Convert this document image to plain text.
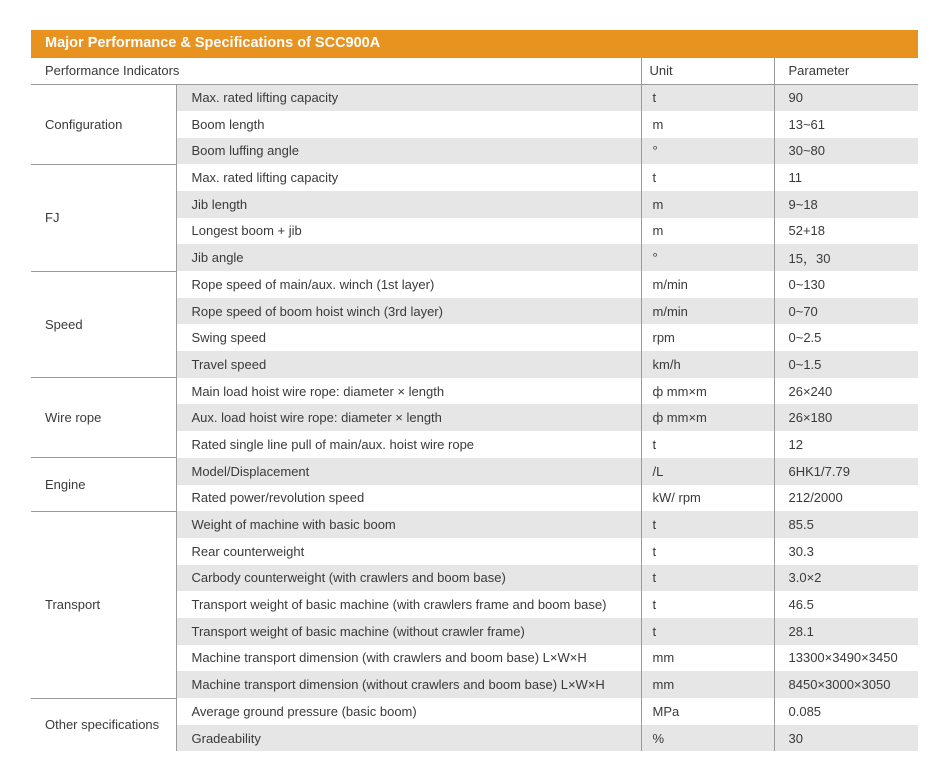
Major Performance & Specifications of SCC900A
Performance Indicators		Unit	Parameter
Configuration	Max. rated lifting capacity	t	90
	Boom length	m	13~61
	Boom luffing angle	°	30~80
FJ	Max. rated lifting capacity	t	11
	Jib length	m	9~18
	Longest boom + jib	m	52+18
	Jib angle	°	15，30
Speed	Rope speed of main/aux. winch (1st layer)	m/min	0~130
	Rope speed of boom hoist winch (3rd layer)	m/min	0~70
	Swing speed	rpm	0~2.5
	Travel speed	km/h	0~1.5
Wire rope	Main load hoist wire rope: diameter × length	ф mm×m	26×240
	Aux. load hoist wire rope: diameter × length	ф mm×m	26×180
	Rated single line pull of main/aux. hoist wire rope	t	12
Engine	Model/Displacement	/L	6HK1/7.79
	Rated power/revolution speed	kW/ rpm	212/2000
Transport	Weight of machine with basic boom	t	85.5
	Rear counterweight	t	30.3
	Carbody counterweight (with crawlers and boom base)	t	3.0×2
	Transport weight of basic machine (with crawlers frame and boom base)	t	46.5
	Transport weight of basic machine (without crawler frame)	t	28.1
	Machine transport dimension (with crawlers and boom base) L×W×H	mm	13300×3490×3450
	Machine transport dimension (without crawlers and boom base) L×W×H	mm	8450×3000×3050
Other specifications	Average ground pressure (basic boom)	MPa	0.085
	Gradeability	%	30
